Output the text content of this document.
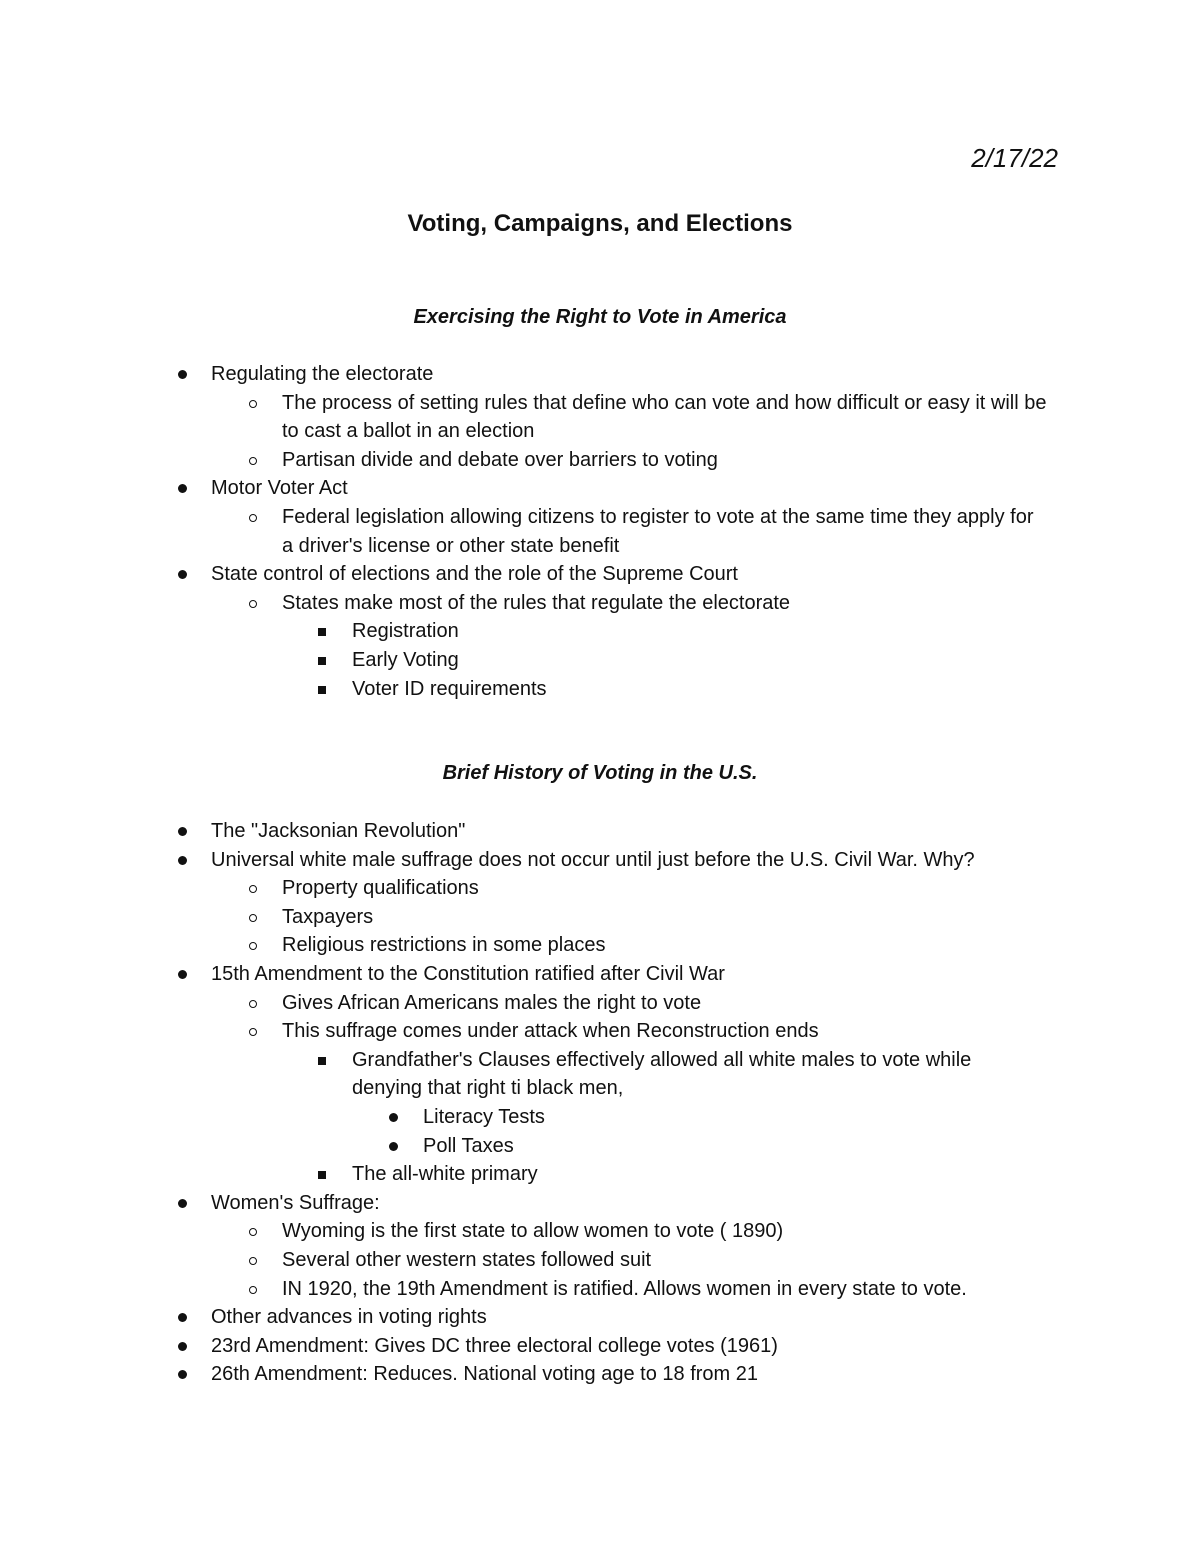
2/17/22
Voting, Campaigns, and Elections
Exercising the Right to Vote in America
Regulating the electorate
The process of setting rules that define who can vote and how difficult or easy it will be to cast a ballot in an election
Partisan divide and debate over barriers to voting
Motor Voter Act
Federal legislation allowing citizens to register to vote at the same time they apply for a driver's license or other state benefit
State control of elections and the role of the Supreme Court
States make most of the rules that regulate the electorate
Registration
Early Voting
Voter ID requirements
Brief History of Voting in the U.S.
The "Jacksonian Revolution"
Universal white male suffrage does not occur until just before the U.S. Civil War. Why?
Property qualifications
Taxpayers
Religious restrictions in some places
15th Amendment to the Constitution ratified after Civil War
Gives African Americans males the right to vote
This suffrage comes under attack when Reconstruction ends
Grandfather's Clauses effectively allowed all white males to vote while denying that right ti black men,
Literacy Tests
Poll Taxes
The all-white primary
Women's Suffrage:
Wyoming is the first state to allow women to vote ( 1890)
Several other western states followed suit
IN 1920, the 19th Amendment is ratified. Allows women in every state to vote.
Other advances in voting rights
23rd Amendment: Gives DC three electoral college votes (1961)
26th Amendment: Reduces. National voting age to 18 from 21
